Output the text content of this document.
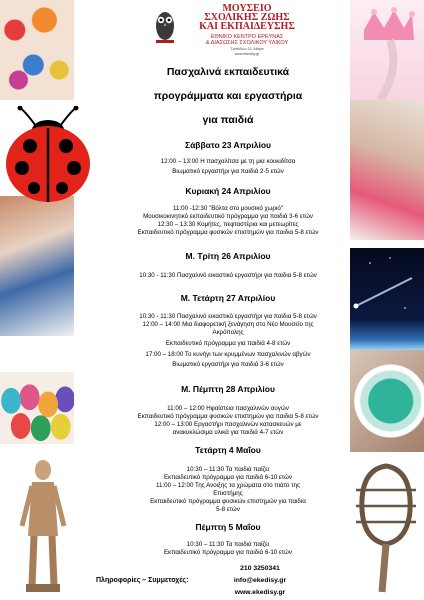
ΜΟΥΣΕΙΟ
ΣΧΟΛΙΚΗΣ ΖΩΗΣ
ΚΑΙ ΕΚΠΑΙΔΕΥΣΗΣ
ΕΘΝΙΚΟ ΚΕΝΤΡΟ ΕΡΕΥΝΑΣ
& ΔΙΑΣΩΣΗΣ ΣΧΟΛΙΚΟΥ ΥΛΙΚΟΥ
Τριπόδων 23, Αθήνα
www.ekedisy.gr
Πασχαλινά εκπαιδευτικά
προγράμματα και εργαστήρια
για παιδιά
Σάββατο 23 Απριλίου
12:00 – 13:00 Η πασχαλίτσα με τη μια κουκιδίτσα
Βιωματικό εργαστήρι για παιδιά 2-5 ετών
Κυριακή 24 Απριλίου
11:00 -12:30 "Βόλτα στο μουσικό χωριό"
Μουσικοκινητικό εκπαιδευτικό πρόγραμμα για παιδιά 3-6 ετών
12:30 – 13:30 Κομήτες, πεφταστέρια και μετεωρίτες
Εκπαιδευτικό πρόγραμμα φυσικών επιστημών για παιδια 5-8 ετών
Μ. Τρίτη 26 Απριλίου
10:30 - 11:30 Πασχαλινό εικαστικό εργαστήρι για παιδια 5-8 ετών
Μ. Τετάρτη 27 Απριλίου
10:30 - 11:30 Πασχαλινό εικαστικό εργαστήρι για παιδια 5-8 ετών
12:00 – 14:00 Μια διαφορετική ξενάγηση στο Νέο Μουσείο της
Ακρόπολης
Εκπαιδευτικό πρόγραμμα για παιδιά 4-8 ετών
17:00 – 18:00 Το κυνήγι των κρυμμένων πασχαλινών αβγών
Βιωματικό εργαστήρι για παιδιά 3-6 ετών
Μ. Πέμπτη 28 Απριλίου
11:00 – 12:00 Ηφαίστεια πασχαλινών αυγών
Εκπαιδευτικό πρόγραμμα φυσικών επιστημών για παιδια 5-8 ετών
12:00 – 13:00 Εργαστήρι πασχαλινών κατασκευών με
ανακυκλώσιμα υλικά για παιδιά 4-7 ετών
Τετάρτη 4 Μαΐου
10:30 – 11:30 Τα παιδιά παίζει
Εκπαιδευτικό πρόγραμμα για παιδιά 6-10 ετών
11:00 – 12:00 Της Ανοιξης τα χρώματα στο πιάτο της
Επιστήμης
Εκπαιδευτικό πρόγραμμα φυσικών επιστημών για παιδια
5-8 ετών
Πέμπτη 5 Μαΐου
10:30 – 11:30 Τα παιδιά παίζει
Εκπαιδευτικό πρόγραμμα για παιδιά 6-10 ετών
Πληροφορίες – Συμμετοχές:
210 3250341
info@ekedisy.gr
www.ekedisy.gr
